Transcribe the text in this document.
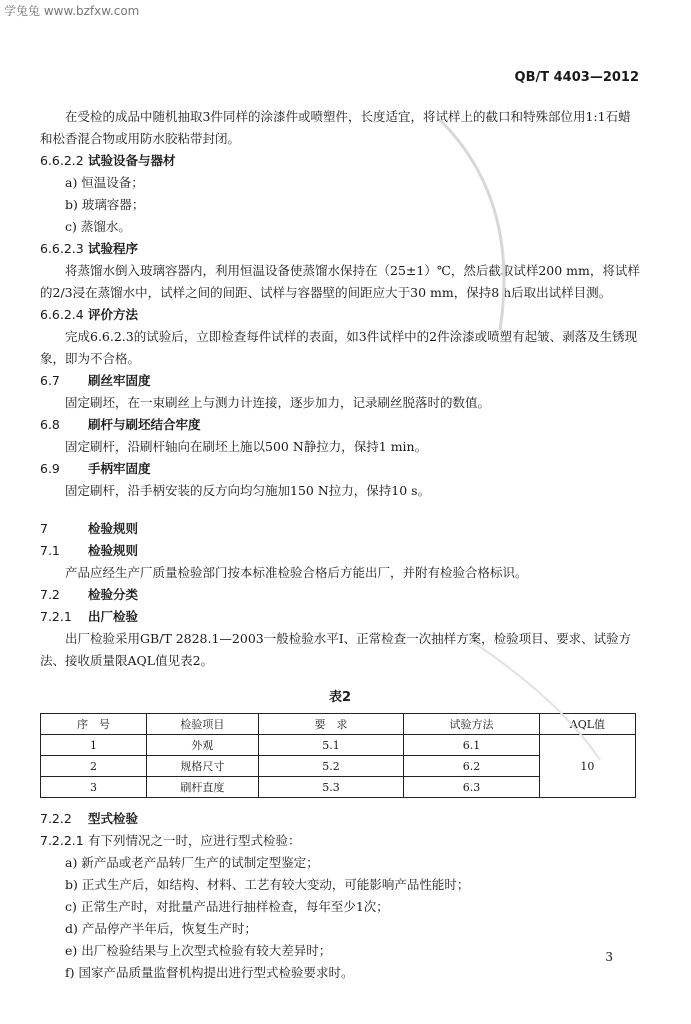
学兔兔 www.bzfxw.com
QB/T 4403—2012

在受检的成品中随机抽取3件同样的涂漆件或喷塑件，长度适宜，将试样上的截口和特殊部位用1:1石蜡和松香混合物或用防水胶粘带封闭。

6.6.2.2 试验设备与器材

a) 恒温设备；

b) 玻璃容器；

c) 蒸馏水。

6.6.2.3 试验程序

将蒸馏水倒入玻璃容器内，利用恒温设备使蒸馏水保持在（25±1）℃，然后截取试样200 mm，将试样的2/3浸在蒸馏水中，试样之间的间距、试样与容器壁的间距应大于30 mm，保持8 h后取出试样目测。

6.6.2.4 评价方法

完成6.6.2.3的试验后，立即检查每件试样的表面，如3件试样中的2件涂漆或喷塑有起皱、剥落及生锈现象，即为不合格。

6.7 刷丝牢固度

固定刷坯，在一束刷丝上与测力计连接，逐步加力，记录刷丝脱落时的数值。

6.8 刷杆与刷坯结合牢度

固定刷杆，沿刷杆轴向在刷坯上施以500 N静拉力，保持1 min。

6.9 手柄牢固度

固定刷杆，沿手柄安装的反方向均匀施加150 N拉力，保持10 s。

7	检验规则

7.1 检验规则

产品应经生产厂质量检验部门按本标准检验合格后方能出厂，并附有检验合格标识。

7.2 检验分类

7.2.1 出厂检验

出厂检验采用GB/T 2828.1—2003一般检验水平Ⅰ、正常检查一次抽样方案，检验项目、要求、试验方法、接收质量限AQL值见表2。

表2
序　号	检验项目	要　求	试验方法	AQL值
1	外观	5.1	6.1	10
2	规格尺寸	5.2	6.2	
3	刷杆直度	5.3	6.3	

7.2.2 型式检验

7.2.2.1 有下列情况之一时，应进行型式检验：

a) 新产品或老产品转厂生产的试制定型鉴定；

b) 正式生产后，如结构、材料、工艺有较大变动，可能影响产品性能时；

c) 正常生产时，对批量产品进行抽样检查，每年至少1次；

d) 产品停产半年后，恢复生产时；

e) 出厂检验结果与上次型式检验有较大差异时；

f) 国家产品质量监督机构提出进行型式检验要求时。

3
